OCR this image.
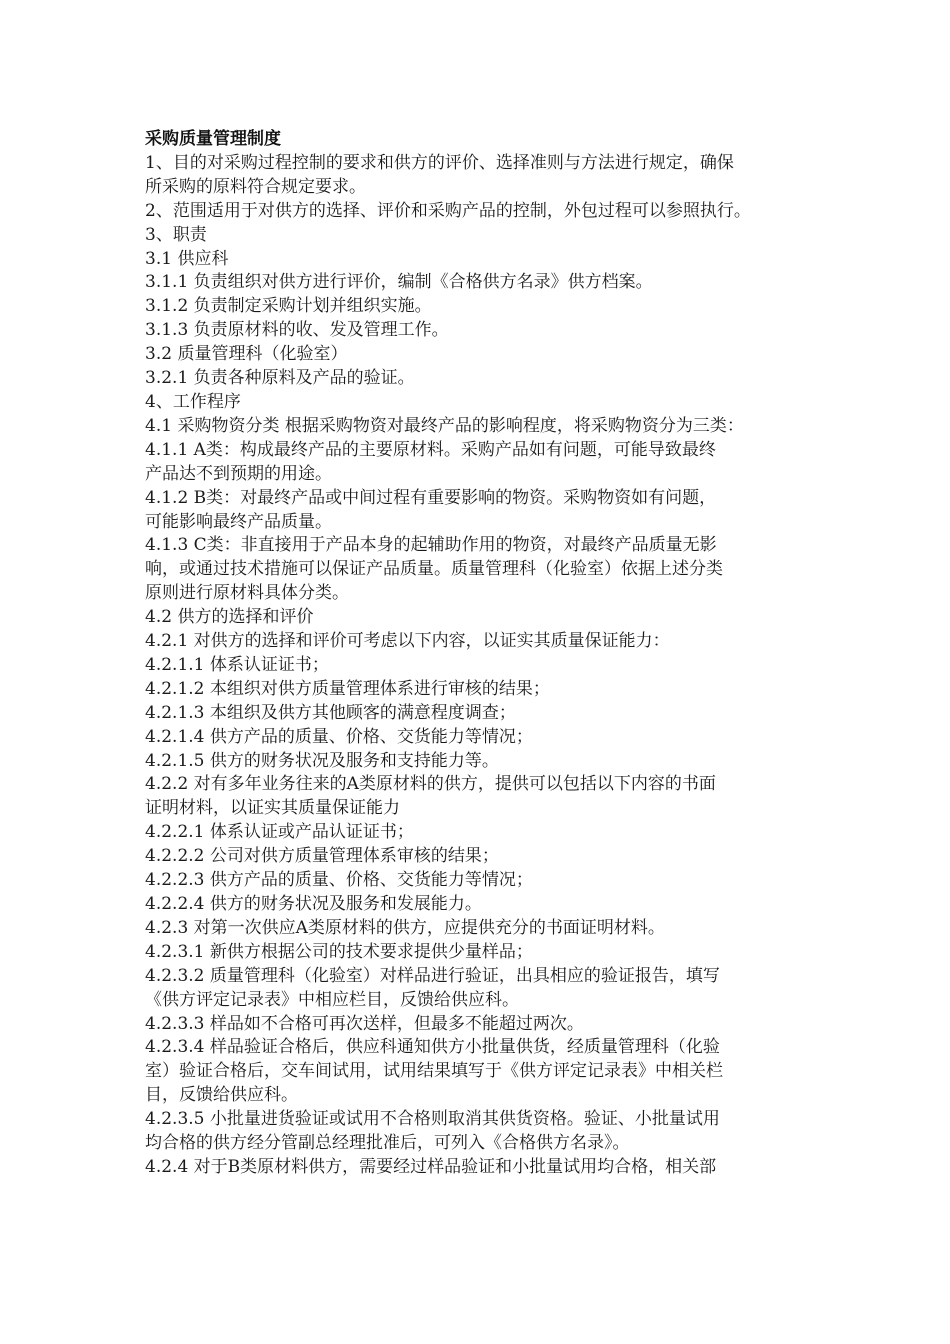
采购质量管理制度

1、目的对采购过程控制的要求和供方的评价、选择准则与方法进行规定，确保

所采购的原料符合规定要求。

2、范围适用于对供方的选择、评价和采购产品的控制，外包过程可以参照执行。

3、职责

3.1 供应科

3.1.1 负责组织对供方进行评价，编制《合格供方名录》供方档案。

3.1.2 负责制定采购计划并组织实施。

3.1.3 负责原材料的收、发及管理工作。

3.2 质量管理科（化验室）

3.2.1 负责各种原料及产品的验证。

4、工作程序

4.1 采购物资分类 根据采购物资对最终产品的影响程度，将采购物资分为三类：

4.1.1 A类：构成最终产品的主要原材料。采购产品如有问题，可能导致最终

产品达不到预期的用途。

4.1.2 B类：对最终产品或中间过程有重要影响的物资。采购物资如有问题，

可能影响最终产品质量。

4.1.3 C类：非直接用于产品本身的起辅助作用的物资，对最终产品质量无影

响，或通过技术措施可以保证产品质量。质量管理科（化验室）依据上述分类

原则进行原材料具体分类。

4.2 供方的选择和评价

4.2.1 对供方的选择和评价可考虑以下内容，以证实其质量保证能力：

4.2.1.1 体系认证证书；

4.2.1.2 本组织对供方质量管理体系进行审核的结果；

4.2.1.3 本组织及供方其他顾客的满意程度调查；

4.2.1.4 供方产品的质量、价格、交货能力等情况；

4.2.1.5 供方的财务状况及服务和支持能力等。

4.2.2 对有多年业务往来的A类原材料的供方，提供可以包括以下内容的书面

证明材料，以证实其质量保证能力

4.2.2.1 体系认证或产品认证证书；

4.2.2.2 公司对供方质量管理体系审核的结果；

4.2.2.3 供方产品的质量、价格、交货能力等情况；

4.2.2.4 供方的财务状况及服务和发展能力。

4.2.3 对第一次供应A类原材料的供方，应提供充分的书面证明材料。

4.2.3.1 新供方根据公司的技术要求提供少量样品；

4.2.3.2 质量管理科（化验室）对样品进行验证，出具相应的验证报告，填写

《供方评定记录表》中相应栏目，反馈给供应科。

4.2.3.3 样品如不合格可再次送样，但最多不能超过两次。

4.2.3.4 样品验证合格后，供应科通知供方小批量供货，经质量管理科（化验

室）验证合格后，交车间试用，试用结果填写于《供方评定记录表》中相关栏

目，反馈给供应科。

4.2.3.5 小批量进货验证或试用不合格则取消其供货资格。验证、小批量试用

均合格的供方经分管副总经理批准后，可列入《合格供方名录》。

4.2.4 对于B类原材料供方，需要经过样品验证和小批量试用均合格，相关部
